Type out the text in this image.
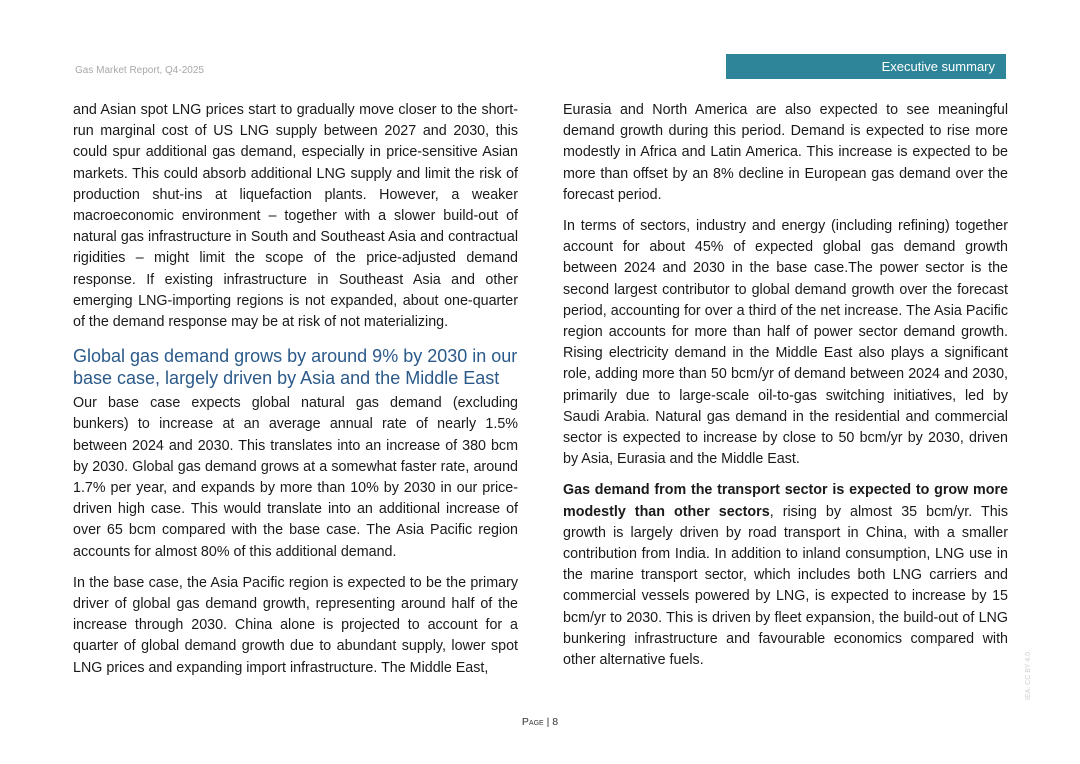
Gas Market Report, Q4-2025	Executive summary

and Asian spot LNG prices start to gradually move closer to the short-run marginal cost of US LNG supply between 2027 and 2030, this could spur additional gas demand, especially in price-sensitive Asian markets. This could absorb additional LNG supply and limit the risk of production shut-ins at liquefaction plants. However, a weaker macroeconomic environment – together with a slower build-out of natural gas infrastructure in South and Southeast Asia and contractual rigidities – might limit the scope of the price-adjusted demand response. If existing infrastructure in Southeast Asia and other emerging LNG-importing regions is not expanded, about one-quarter of the demand response may be at risk of not materializing.

Global gas demand grows by around 9% by 2030 in our base case, largely driven by Asia and the Middle East

Our base case expects global natural gas demand (excluding bunkers) to increase at an average annual rate of nearly 1.5% between 2024 and 2030. This translates into an increase of 380 bcm by 2030. Global gas demand grows at a somewhat faster rate, around 1.7% per year, and expands by more than 10% by 2030 in our price-driven high case. This would translate into an additional increase of over 65 bcm compared with the base case. The Asia Pacific region accounts for almost 80% of this additional demand.

In the base case, the Asia Pacific region is expected to be the primary driver of global gas demand growth, representing around half of the increase through 2030. China alone is projected to account for a quarter of global demand growth due to abundant supply, lower spot LNG prices and expanding import infrastructure. The Middle East,

Eurasia and North America are also expected to see meaningful demand growth during this period. Demand is expected to rise more modestly in Africa and Latin America. This increase is expected to be more than offset by an 8% decline in European gas demand over the forecast period.

In terms of sectors, industry and energy (including refining) together account for about 45% of expected global gas demand growth between 2024 and 2030 in the base case.The power sector is the second largest contributor to global demand growth over the forecast period, accounting for over a third of the net increase. The Asia Pacific region accounts for more than half of power sector demand growth. Rising electricity demand in the Middle East also plays a significant role, adding more than 50 bcm/yr of demand between 2024 and 2030, primarily due to large-scale oil-to-gas switching initiatives, led by Saudi Arabia. Natural gas demand in the residential and commercial sector is expected to increase by close to 50 bcm/yr by 2030, driven by Asia, Eurasia and the Middle East.

Gas demand from the transport sector is expected to grow more modestly than other sectors, rising by almost 35 bcm/yr. This growth is largely driven by road transport in China, with a smaller contribution from India. In addition to inland consumption, LNG use in the marine transport sector, which includes both LNG carriers and commercial vessels powered by LNG, is expected to increase by 15 bcm/yr to 2030. This is driven by fleet expansion, the build-out of LNG bunkering infrastructure and favourable economics compared with other alternative fuels.

Page | 8
IEA. CC BY 4.0.
